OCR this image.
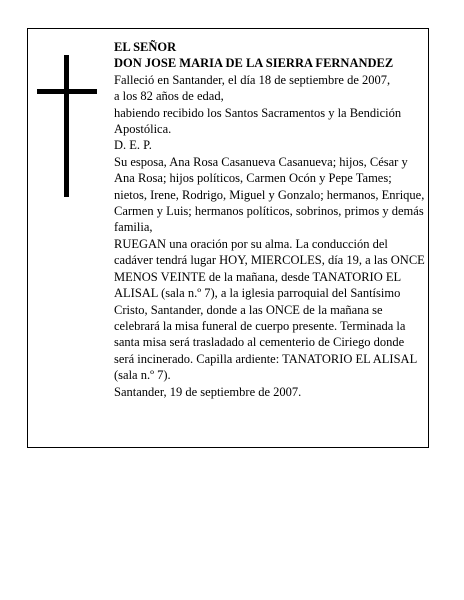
EL SEÑOR

DON JOSE MARIA DE LA SIERRA FERNANDEZ

Falleció en Santander, el día 18 de septiembre de 2007,

a los 82 años de edad,

habiendo recibido los Santos Sacramentos y la Bendición Apostólica.

D. E. P.

Su esposa, Ana Rosa Casanueva Casanueva; hijos, César y Ana Rosa; hijos políticos, Carmen Ocón y Pepe Tames; nietos, Irene, Rodrigo, Miguel y Gonzalo; hermanos, Enrique, Carmen y Luis; hermanos políticos, sobrinos, primos y demás familia,

RUEGAN una oración por su alma. La conducción del cadáver tendrá lugar HOY, MIERCOLES, día 19, a las ONCE MENOS VEINTE de la mañana, desde TANATORIO EL ALISAL (sala n.º 7), a la iglesia parroquial del Santísimo Cristo, Santander, donde a las ONCE de la mañana se celebrará la misa funeral de cuerpo presente. Terminada la santa misa será trasladado al cementerio de Ciriego donde será incinerado. Capilla ardiente: TANATORIO EL ALISAL (sala n.º 7).

Santander, 19 de septiembre de 2007.
